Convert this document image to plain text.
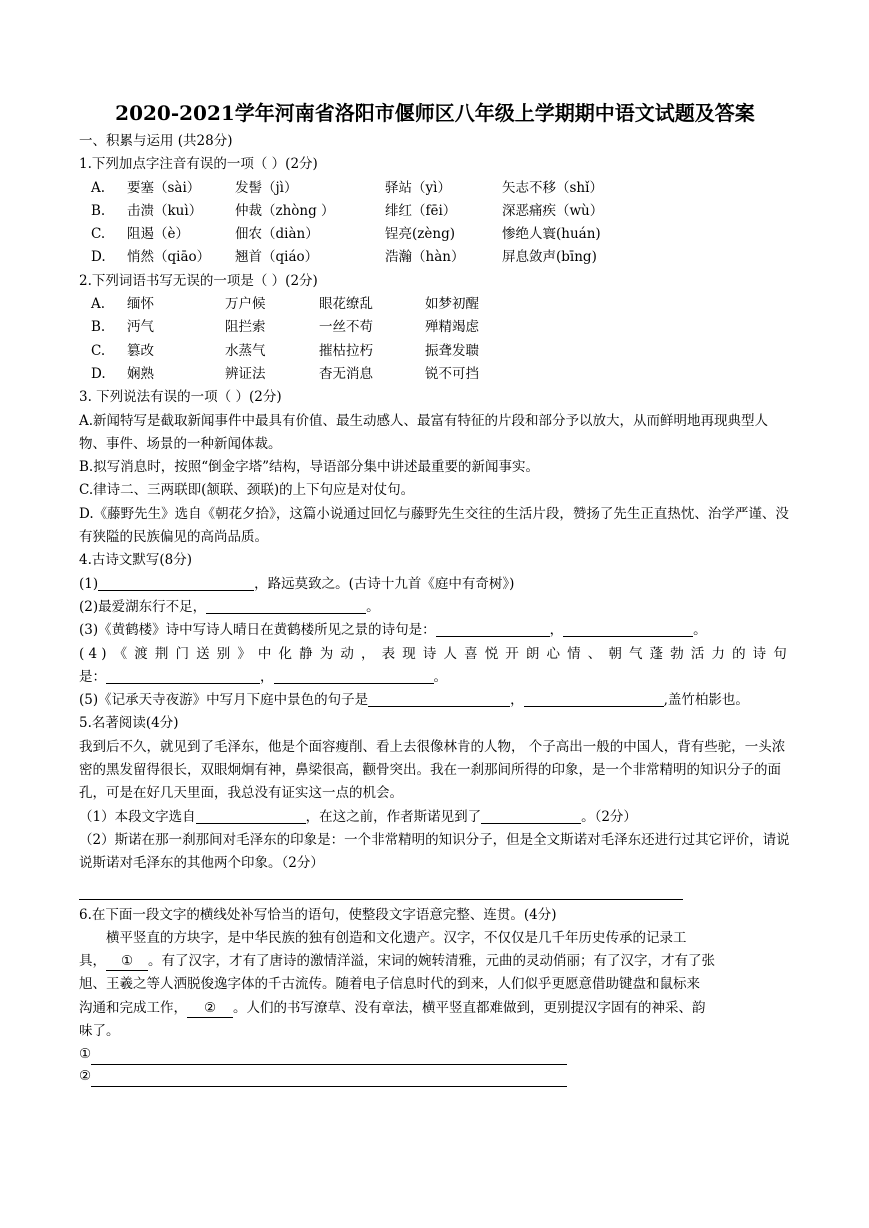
2020-2021学年河南省洛阳市偃师区八年级上学期期中语文试题及答案
一、积累与运用 (共28分)
1.下列加点字注音有误的一项（ ）(2分)
A.	要塞（sài）	发髻（jì）	驿站（yì）	矢志不移（shǐ）
B.	击溃（kuì）	仲裁（zhòng ）	绯红（fēi）	深恶痛疾（wù）
C.	阻遏（è）	佃农（diàn）	锃亮(zèng)	惨绝人寰(huán)
D.	悄然（qiāo）	翘首（qiáo）	浩瀚（hàn）	屏息敛声(bīng)
2.下列词语书写无误的一项是（ ）(2分)
A.	缅怀	万户候	眼花缭乱	如梦初醒
B.	沔气	阻拦索	一丝不苟	殚精竭虑
C.	篡改	水蒸气	摧枯拉朽	振聋发聩
D.	娴熟	辨证法	杳无消息	锐不可挡
3. 下列说法有误的一项（ ）(2分)
A.新闻特写是截取新闻事件中最具有价值、最生动感人、最富有特征的片段和部分予以放大，从而鲜明地再现典型人物、事件、场景的一种新闻体裁。
B.拟写消息时，按照“倒金字塔”结构，导语部分集中讲述最重要的新闻事实。
C.律诗二、三两联即(颔联、颈联)的上下句应是对仗句。
D.《藤野先生》选自《朝花夕拾》，这篇小说通过回忆与藤野先生交往的生活片段，赞扬了先生正直热忱、治学严谨、没有狭隘的民族偏见的高尚品质。
4.古诗文默写(8分)
(1)	，路远莫致之。(古诗十九首《庭中有奇树》)
(2)最爱湖东行不足，	。
(3)《黄鹤楼》诗中写诗人晴日在黄鹤楼所见之景的诗句是：	，	。
(4)《渡荆门送别》中化静为动，表现诗人喜悦开朗心情、朝气蓬勃活力的诗句
是：	，	。
(5)《记承天寺夜游》中写月下庭中景色的句子是	，	,盖竹柏影也。
5.名著阅读(4分)
我到后不久，就见到了毛泽东，他是个面容瘦削、看上去很像林肯的人物， 个子高出一般的中国人，背有些驼，一头浓密的黑发留得很长，双眼炯炯有神，鼻梁很高，颧骨突出。我在一刹那间所得的印象，是一个非常精明的知识分子的面孔，可是在好几天里面，我总没有证实这一点的机会。
（1）本段文字选自	，在这之前，作者斯诺见到了	。（2分）
（2）斯诺在那一刹那间对毛泽东的印象是：一个非常精明的知识分子，但是全文斯诺对毛泽东还进行过其它评价，请说说斯诺对毛泽东的其他两个印象。（2分）
6.在下面一段文字的横线处补写恰当的语句，使整段文字语意完整、连贯。(4分)
横平竖直的方块字，是中华民族的独有创造和文化遗产。汉字，不仅仅是几千年历史传承的记录工
具， ① 。有了汉字，才有了唐诗的激情洋溢，宋词的婉转清雅，元曲的灵动俏丽；有了汉字，才有了张
旭、王羲之等人洒脱俊逸字体的千古流传。随着电子信息时代的到来，人们似乎更愿意借助键盘和鼠标来
沟通和完成工作， ② 。人们的书写潦草、没有章法，横平竖直都难做到，更别提汉字固有的神采、韵
味了。
①
②
